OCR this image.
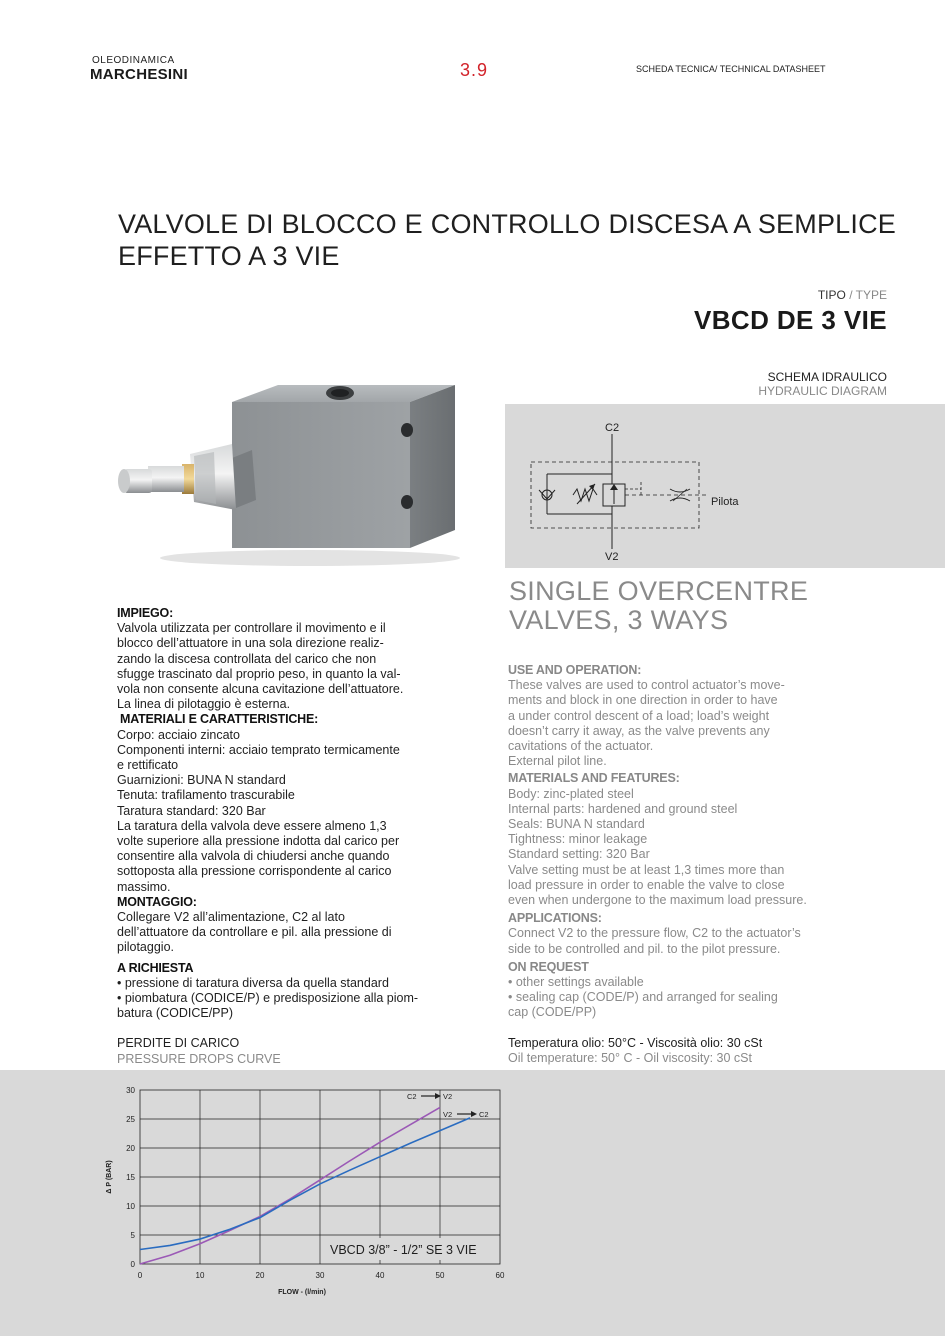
OLEODINAMICA
MARCHESINI	3.9	SCHEDA TECNICA/ TECHNICAL DATASHEET
VALVOLE DI BLOCCO E CONTROLLO DISCESA A SEMPLICE EFFETTO A 3 VIE
TIPO / TYPE
VBCD DE 3 VIE
SCHEMA IDRAULICO
HYDRAULIC DIAGRAM
C2
V2
Pilota
SINGLE OVERCENTRE
VALVES, 3 WAYS
IMPIEGO:
Valvola utilizzata per controllare il movimento e il
blocco dell’attuatore in una sola direzione realiz-
zando la discesa controllata del carico che non
sfugge trascinato dal proprio peso, in quanto la val-
vola non consente alcuna cavitazione dell’attuatore.
La linea di pilotaggio è esterna.
MATERIALI E CARATTERISTICHE:
Corpo: acciaio zincato
Componenti interni: acciaio temprato termicamente
e rettificato
Guarnizioni: BUNA N standard
Tenuta: trafilamento trascurabile
Taratura standard: 320 Bar
La taratura della valvola deve essere almeno 1,3
volte superiore alla pressione indotta dal carico per
consentire alla valvola di chiudersi anche quando
sottoposta alla pressione corrispondente al carico
massimo.
MONTAGGIO:
Collegare V2 all’alimentazione, C2 al lato
dell’attuatore da controllare e pil. alla pressione di
pilotaggio.
A RICHIESTA
• pressione di taratura diversa da quella standard
• piombatura (CODICE/P) e predisposizione alla piom-
batura (CODICE/PP)
USE AND OPERATION:
These valves are used to control actuator’s move-
ments and block in one direction in order to have
a under control descent of a load; load’s weight
doesn’t carry it away, as the valve prevents any
cavitations of the actuator.
External pilot line.
MATERIALS AND FEATURES:
Body: zinc-plated steel
Internal parts: hardened and ground steel
Seals: BUNA N standard
Tightness: minor leakage
Standard setting: 320 Bar
Valve setting must be at least 1,3 times more than
load pressure in order to enable the valve to close
even when undergone to the maximum load pressure.
APPLICATIONS:
Connect V2 to the pressure flow, C2 to the actuator’s
side to be controlled and pil. to the pilot pressure.
ON REQUEST
• other settings available
• sealing cap (CODE/P) and arranged for sealing
cap (CODE/PP)
Temperatura olio: 50°C - Viscosità olio: 30 cSt
Oil temperature: 50° C - Oil viscosity: 30 cSt
PERDITE DI CARICO
PRESSURE DROPS CURVE
0	10	20	30	40	50	60
0
5
10
15
20
25
30
C2	V2
V2	C2
VBCD 3/8” - 1/2” SE 3 VIE
FLOW - (l/min)
Δ P (BAR)
